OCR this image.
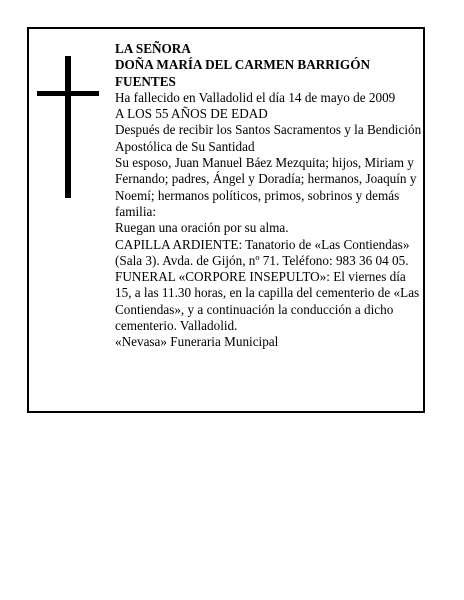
LA SEÑORA

DOÑA MARÍA DEL CARMEN BARRIGÓN

FUENTES

Ha fallecido en Valladolid el día 14 de mayo de 2009

A LOS 55 AÑOS DE EDAD

Después de recibir los Santos Sacramentos y la Bendición Apostólica de Su Santidad

Su esposo, Juan Manuel Báez Mezquita; hijos, Miriam y Fernando; padres, Ángel y Doradía; hermanos, Joaquín y Noemí; hermanos políticos, primos, sobrinos y demás familia:

Ruegan una oración por su alma.

CAPILLA ARDIENTE: Tanatorio de «Las Contiendas» (Sala 3). Avda. de Gijón, nº 71. Teléfono: 983 36 04 05.

FUNERAL «CORPORE INSEPULTO»: El viernes día 15, a las 11.30 horas, en la capilla del cementerio de «Las Contiendas», y a continuación la conducción a dicho cementerio. Valladolid.

«Nevasa» Funeraria Municipal
